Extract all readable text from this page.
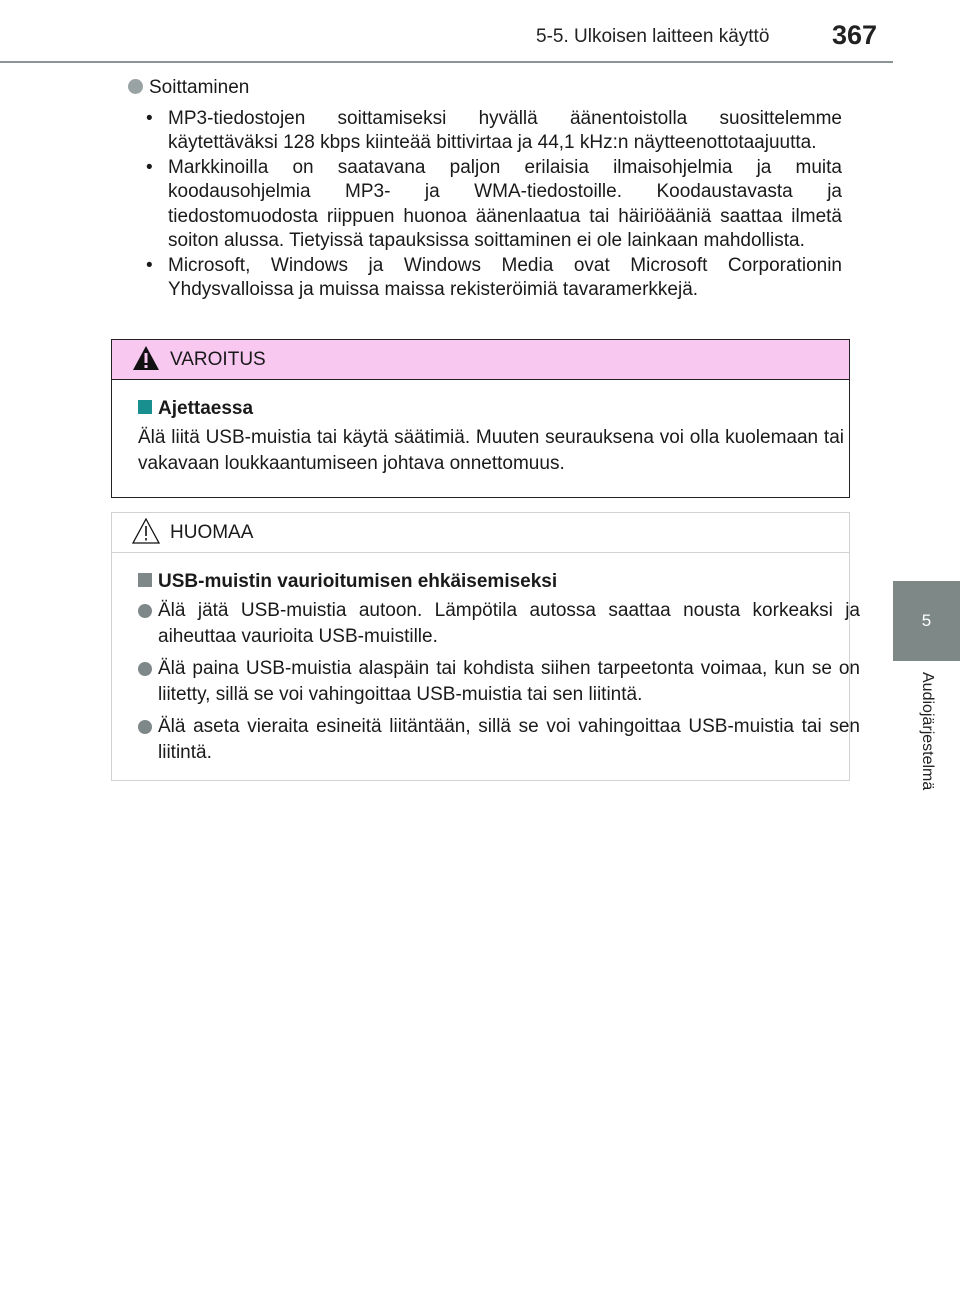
5-5. Ulkoisen laitteen käyttö 367
5
Audiojärjestelmä
Soittaminen
• MP3-tiedostojen soittamiseksi hyvällä äänentoistolla suosittelemme käytettäväksi 128 kbps kiinteää bittivirtaa ja 44,1 kHz:n näytteenottotaajuutta.
• Markkinoilla on saatavana paljon erilaisia ilmaisohjelmia ja muita koodausohjelmia MP3- ja WMA-tiedostoille. Koodaustavasta ja tiedostomuodosta riippuen huonoa äänenlaatua tai häiriöääniä saattaa ilmetä soiton alussa. Tietyissä tapauksissa soittaminen ei ole lainkaan mahdollista.
• Microsoft, Windows ja Windows Media ovat Microsoft Corporationin Yhdysvalloissa ja muissa maissa rekisteröimiä tavaramerkkejä.
VAROITUS
Ajettaessa
Älä liitä USB-muistia tai käytä säätimiä. Muuten seurauksena voi olla kuolemaan tai vakavaan loukkaantumiseen johtava onnettomuus.
HUOMAA
USB-muistin vaurioitumisen ehkäisemiseksi
Älä jätä USB-muistia autoon. Lämpötila autossa saattaa nousta korkeaksi ja aiheuttaa vaurioita USB-muistille.
Älä paina USB-muistia alaspäin tai kohdista siihen tarpeetonta voimaa, kun se on liitetty, sillä se voi vahingoittaa USB-muistia tai sen liitintä.
Älä aseta vieraita esineitä liitäntään, sillä se voi vahingoittaa USB-muistia tai sen liitintä.
